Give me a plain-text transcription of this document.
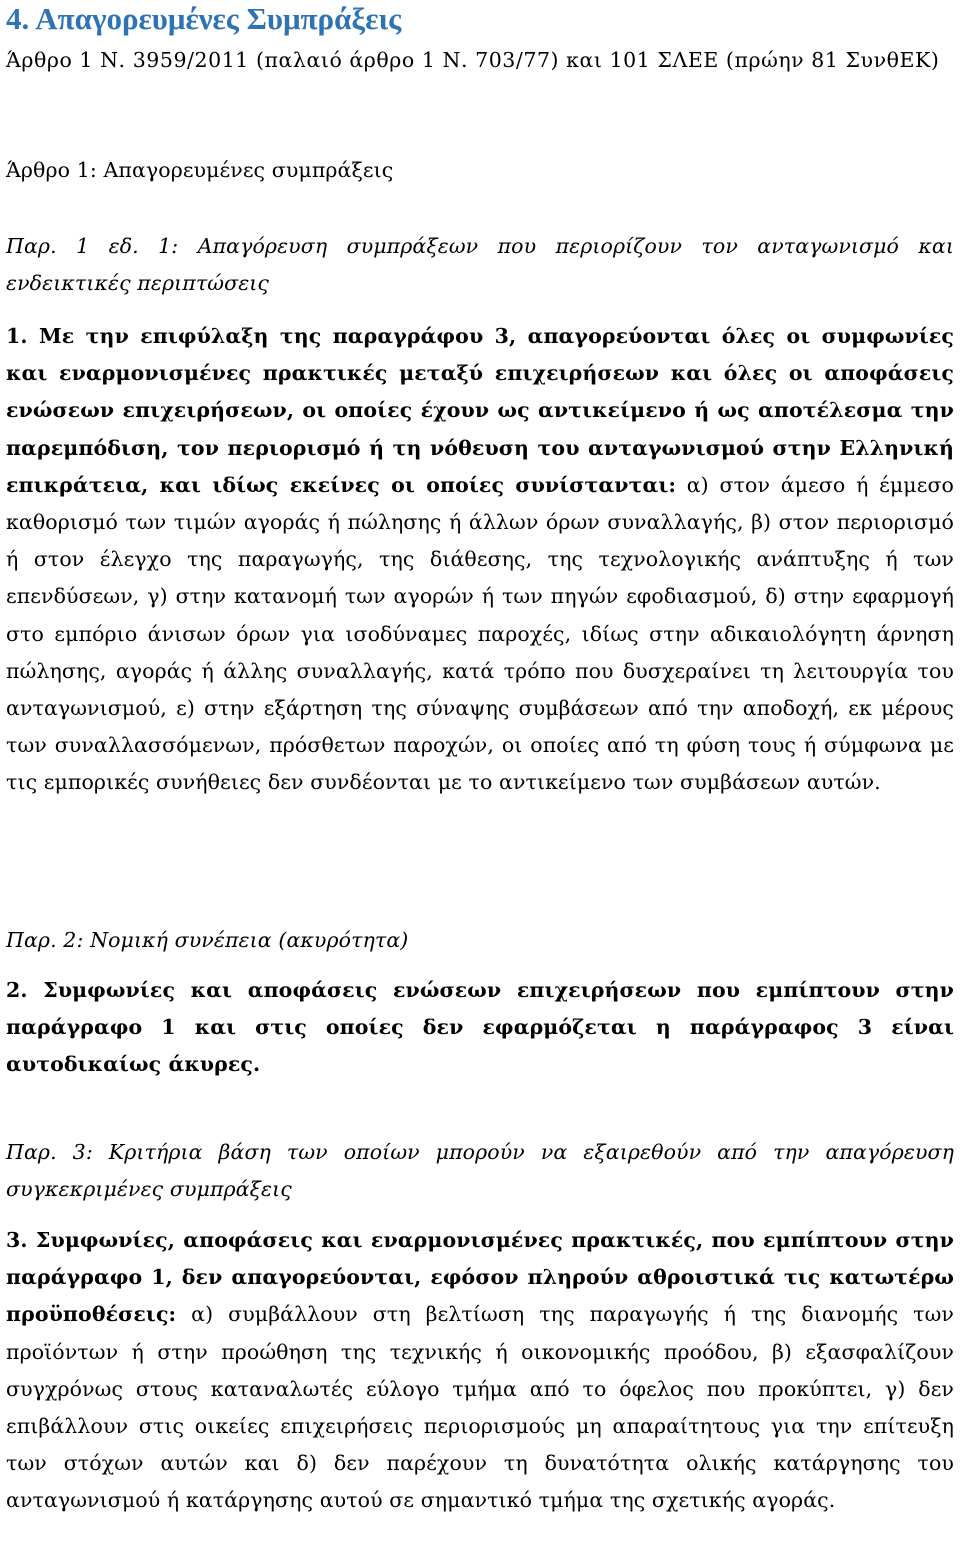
4. Απαγορευμένες Συμπράξεις
Άρθρο 1 Ν. 3959/2011 (παλαιό άρθρο 1 Ν. 703/77) και 101 ΣΛΕΕ (πρώην 81 ΣυνθΕΚ)
Άρθρο 1: Απαγορευμένες συμπράξεις
Παρ. 1 εδ. 1: Απαγόρευση συμπράξεων που περιορίζουν τον ανταγωνισμό και ενδεικτικές περιπτώσεις
1. Με την επιφύλαξη της παραγράφου 3, απαγορεύονται όλες οι συμφωνίες και εναρμονισμένες πρακτικές μεταξύ επιχειρήσεων και όλες οι αποφάσεις ενώσεων επιχειρήσεων, οι οποίες έχουν ως αντικείμενο ή ως αποτέλεσμα την παρεμπόδιση, τον περιορισμό ή τη νόθευση του ανταγωνισμού στην Ελληνική επικράτεια, και ιδίως εκείνες οι οποίες συνίστανται: α) στον άμεσο ή έμμεσο καθορισμό των τιμών αγοράς ή πώλησης ή άλλων όρων συναλλαγής, β) στον περιορισμό ή στον έλεγχο της παραγωγής, της διάθεσης, της τεχνολογικής ανάπτυξης ή των επενδύσεων, γ) στην κατανομή των αγορών ή των πηγών εφοδιασμού, δ) στην εφαρμογή στο εμπόριο άνισων όρων για ισοδύναμες παροχές, ιδίως στην αδικαιολόγητη άρνηση πώλησης, αγοράς ή άλλης συναλλαγής, κατά τρόπο που δυσχεραίνει τη λειτουργία του ανταγωνισμού, ε) στην εξάρτηση της σύναψης συμβάσεων από την αποδοχή, εκ μέρους των συναλλασσόμενων, πρόσθετων παροχών, οι οποίες από τη φύση τους ή σύμφωνα με τις εμπορικές συνήθειες δεν συνδέονται με το αντικείμενο των συμβάσεων αυτών.
Παρ. 2: Νομική συνέπεια (ακυρότητα)
2. Συμφωνίες και αποφάσεις ενώσεων επιχειρήσεων που εμπίπτουν στην παράγραφο 1 και στις οποίες δεν εφαρμόζεται η παράγραφος 3 είναι αυτοδικαίως άκυρες.
Παρ. 3: Κριτήρια βάση των οποίων μπορούν να εξαιρεθούν από την απαγόρευση συγκεκριμένες συμπράξεις
3. Συμφωνίες, αποφάσεις και εναρμονισμένες πρακτικές, που εμπίπτουν στην παράγραφο 1, δεν απαγορεύονται, εφόσον πληρούν αθροιστικά τις κατωτέρω προϋποθέσεις: α) συμβάλλουν στη βελτίωση της παραγωγής ή της διανομής των προϊόντων ή στην προώθηση της τεχνικής ή οικονομικής προόδου, β) εξασφαλίζουν συγχρόνως στους καταναλωτές εύλογο τμήμα από το όφελος που προκύπτει, γ) δεν επιβάλλουν στις οικείες επιχειρήσεις περιορισμούς μη απαραίτητους για την επίτευξη των στόχων αυτών και δ) δεν παρέχουν τη δυνατότητα ολικής κατάργησης του ανταγωνισμού ή κατάργησης αυτού σε σημαντικό τμήμα της σχετικής αγοράς.
